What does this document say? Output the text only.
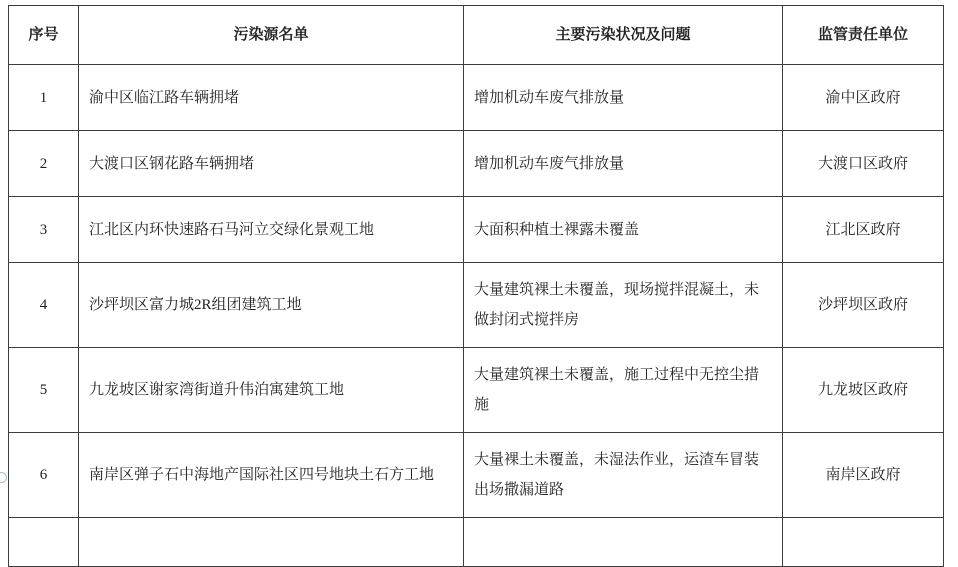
序号	污染源名单	主要污染状况及问题	监管责任单位
1	渝中区临江路车辆拥堵	增加机动车废气排放量	渝中区政府
2	大渡口区钢花路车辆拥堵	增加机动车废气排放量	大渡口区政府
3	江北区内环快速路石马河立交绿化景观工地	大面积种植土裸露未覆盖	江北区政府
4	沙坪坝区富力城2R组团建筑工地	大量建筑裸土未覆盖，现场搅拌混凝土，未做封闭式搅拌房	沙坪坝区政府
5	九龙坡区谢家湾街道升伟泊寓建筑工地	大量建筑裸土未覆盖，施工过程中无控尘措施	九龙坡区政府
6	南岸区弹子石中海地产国际社区四号地块土石方工地	大量裸土未覆盖，未湿法作业，运渣车冒装出场撒漏道路	南岸区政府
